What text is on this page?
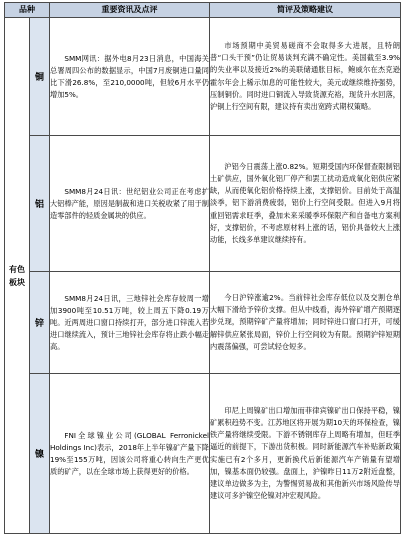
品种		重要资讯及点评	简评及策略建议
有色
板块	铜	SMM网讯：据外电8月23日消息，中国海关总署周四公布的数据显示，中国7月废铜进口量同比下滑26.8%，至210,0000吨，但较6月水平仍增加5%。	市场预期中美贸易磋商不会取得多大进展，且特朗普“口头干预”仍让贸易谈判充满不确定性。美国截至3.9%的失业率以及接近2%的美联储通胀目标，鲍威尔在杰克逊霍尔年会上稀示加息的可能性较大，美元或继续维持强势，压制铜价。同时进口铜流入导致货源充裕，现货升水回落，沪铜上行空间有限，建议持有卖出宽跨式期权策略。

	铝	SMM8月24日讯：世纪铝业公司正在考虑扩大铝棒产能，原因是制裁和进口关税收紧了用于制造零部件的轻质金属块的供应。	沪铝今日震荡上涨0.82%。短期受国内环保督查限制铝土矿供应，国外氧化铝厂停产和罢工扰动造成氧化铝供应紧缺，从而使氧化铝价格持续上涨，支撑铝价。目前处于高温淡季，铝下游消费疲弱，铝价上行空间受限。但进入9月将重回铝需求旺季，叠加未来采暖季环保限产和自备电方案利好，支撑铝价，不考虑原材料上涨的话，铝价具备较大上涨动能，长线多单建议继续持有。

	锌	SMM8月24日讯，三地锌社会库存较周一增加3900吨至10.51万吨，较上周五下降0.19万吨。近两周进口窗口持续打开，部分进口锌流入若进口继续流入，预计三地锌社会库存将止跌小幅走高。	今日沪锌涨逾2%。当前锌社会库存低位以及交割仓单大幅下滑给予锌价支撑。但从中线看，海外锌矿增产预期逐步兑现，预期锌矿产量将增加；同时锌进口窗口打开，可缓解锌供应紧张局面，锌价上行空间较为有限。预期沪锌短期内震荡偏强，可尝试轻仓短多。

	镍	FNI全球镍业公司(GLOBAL Ferronickel Holdings Inc)表示，2018年上半年镍矿产量下降19%至155万吨，因该公司将重心转向生产更优质的矿产，以在全球市场上获得更好的价格。	印尼上周镍矿出口增加而菲律宾镍矿出口保持平稳，镍矿累积趋势不变。江苏地区将开展为期10天的环保检查，镍铁产量将继续受限。下游不锈钢库存上周略有增加，但旺季逼近的前提下，下游出货积极。同时新能源汽车补贴新政策实施已有2个多月，更新换代后新能源汽车产销量有望增加，镍基本面仍较强。盘面上，沪镍昨日11万2附近盘整，建议单边做多为主，为警惕贸易战和其他新兴市场风险传导建议可多沪镍空伦镍对冲宏观风险。
